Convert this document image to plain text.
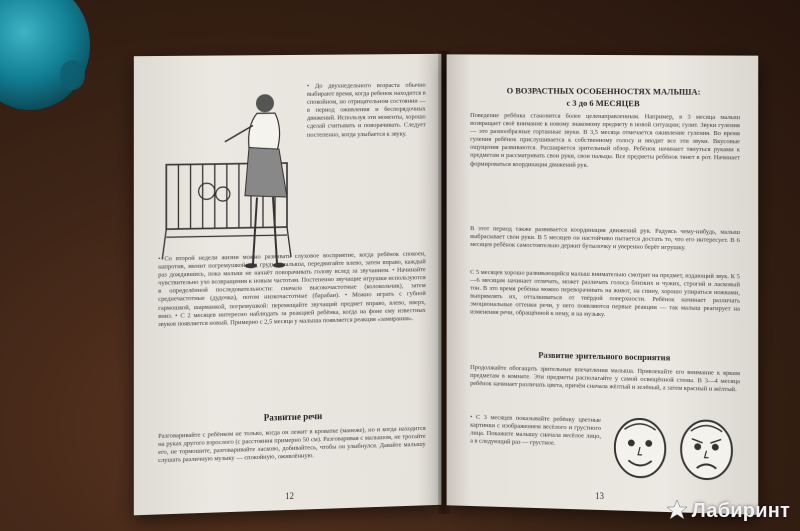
• До двухнедельного возраста обычно выбирают время, когда ребенок находится в спокойном, но отрицательном состоянии — в период оживления и беспорядочных движений. Используя эти моменты, хорошо сделай считывать и поворачивать. Следует постепенно, когда улыбается к звуку.
• Со второй недели жизни можно развивать слуховое восприятие, когда ребёнок спокоен, напротив, звенит погремушкой над грудью малыша, передвигайте влево, затем вправо, каждый раз дождавшись, пока малыш не начнёт поворачивать голову вслед за звучанием. • Начинайте чувствительно ухо возвращения к новым частотам. Постепенно звучащие игрушки используются в определённой последовательности: сначала высокочастотные (колокольчик), затем среднечастотные (дудочка), потом низкочастотные (барабан). • Можно играть с губной гармошкой, шарманкой, погремушкой: перемещайте звучащий предмет вправо, влево, вверх, вниз. • С 2 месяцев интересно наблюдать за реакцией ребёнка, когда на фоне ему известных звуков появляется новый. Примерно с 2,5 месяца у малыша появляется реакция «замирания».
Развитие речи
Разговаривайте с ребёнком не только, когда он лежит в кроватке (манеже), но и когда находится на руках другого взрослого (с расстояния примерно 50 см). Разговаривая с малышом, не трогайте его, не тормошите, разговаривайте ласково, добивайтесь, чтобы он улыбнулся. Давайте малышу слушать различную музыку — спокойную, оживлённую.
12
О ВОЗРАСТНЫХ ОСОБЕННОСТЯХ МАЛЫША:
с 3 до 6 МЕСЯЦЕВ
Поведение ребёнка становится более целенаправленным. Например, в 3 месяца малыш возвращает своё внимание к новому знакомому предмету в новой ситуации; гулит. Звуки гуления — это разнообразные гортанные звуки. В 3,5 месяца отмечается оживление гуления. Во время гуления ребёнок прислушивается к собственному голосу и вводит все эти звуки. Вкусовые ощущения развиваются. Расширяется зрительный обзор. Ребёнок начинает тянуться руками к предметам и рассматривать свои руки, свои пальцы. Все предметы ребёнок тянет в рот. Начинает формироваться координация движений рук.
В этот период также развивается координация движений рук. Радуясь чему-нибудь, малыш выбрасывает свои руки. В 5 месяцев он настойчиво пытается достать то, что его интересует. В 6 месяцев ребёнок самостоятельно держит бутылочку и уверенно берёт игрушку.
С 5 месяцев хорошо развивающийся малыш внимательно смотрит на предмет, издающий звук. К 5—6 месяцам начинает отличать, может различать голоса близких и чужих, строгий и ласковый тон. В это время ребёнка можно переворачивать на живот, на спину, хорошо упираться ножками, выпрямлять их, отталкиваться от твёрдой поверхности. Ребёнок начинает различать эмоциональные оттенки речи, у него появляются первые реакции — так малыш реагирует на изменения речи, обращённой к нему, и на музыку.
Развитие зрительного восприятия
Продолжайте обогащать зрительные впечатления малыша. Привлекайте его внимание к ярким предметам в комнате. Эти предметы располагайте у самой освещённой стены. В 3—4 месяца ребёнок начинает различать цвета, причём сначала жёлтый и зелёный, а затем красный и жёлтый.
• С 3 месяцев показывайте ребёнку цветные картинки с изображением весёлого и грустного лица. Покажите малышу сначала весёлое лицо, а в следующий раз — грустное.
13
Лабиринт
